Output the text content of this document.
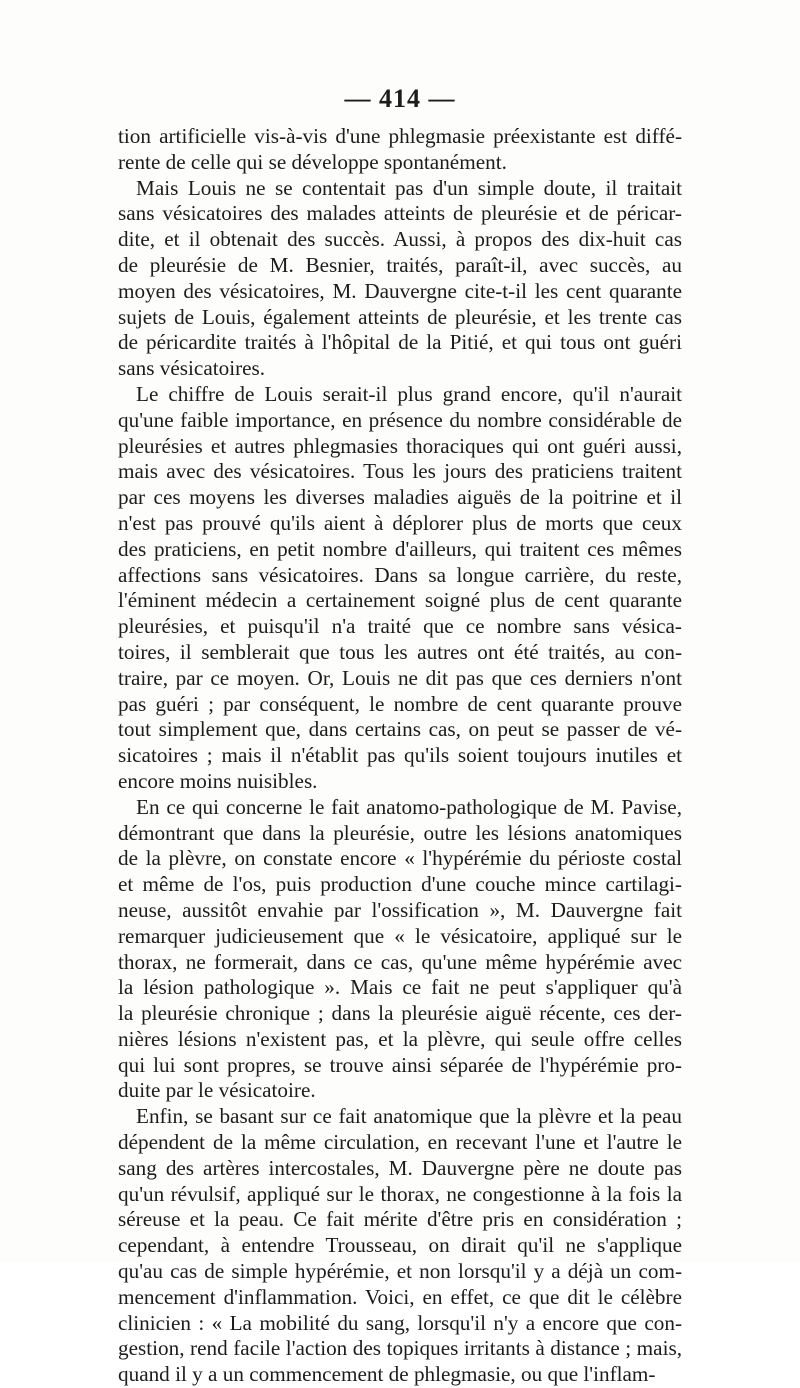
— 414 —
tion artificielle vis-à-vis d'une phlegmasie préexistante est diffé-
rente de celle qui se développe spontanément.
Mais Louis ne se contentait pas d'un simple doute, il traitait
sans vésicatoires des malades atteints de pleurésie et de péricar-
dite, et il obtenait des succès. Aussi, à propos des dix-huit cas
de pleurésie de M. Besnier, traités, paraît-il, avec succès, au
moyen des vésicatoires, M. Dauvergne cite-t-il les cent quarante
sujets de Louis, également atteints de pleurésie, et les trente cas
de péricardite traités à l'hôpital de la Pitié, et qui tous ont guéri
sans vésicatoires.
Le chiffre de Louis serait-il plus grand encore, qu'il n'aurait
qu'une faible importance, en présence du nombre considérable de
pleurésies et autres phlegmasies thoraciques qui ont guéri aussi,
mais avec des vésicatoires. Tous les jours des praticiens traitent
par ces moyens les diverses maladies aiguës de la poitrine et il
n'est pas prouvé qu'ils aient à déplorer plus de morts que ceux
des praticiens, en petit nombre d'ailleurs, qui traitent ces mêmes
affections sans vésicatoires. Dans sa longue carrière, du reste,
l'éminent médecin a certainement soigné plus de cent quarante
pleurésies, et puisqu'il n'a traité que ce nombre sans vésica-
toires, il semblerait que tous les autres ont été traités, au con-
traire, par ce moyen. Or, Louis ne dit pas que ces derniers n'ont
pas guéri ; par conséquent, le nombre de cent quarante prouve
tout simplement que, dans certains cas, on peut se passer de vé-
sicatoires ; mais il n'établit pas qu'ils soient toujours inutiles et
encore moins nuisibles.
En ce qui concerne le fait anatomo-pathologique de M. Pavise,
démontrant que dans la pleurésie, outre les lésions anatomiques
de la plèvre, on constate encore « l'hypérémie du périoste costal
et même de l'os, puis production d'une couche mince cartilagi-
neuse, aussitôt envahie par l'ossification », M. Dauvergne fait
remarquer judicieusement que « le vésicatoire, appliqué sur le
thorax, ne formerait, dans ce cas, qu'une même hypérémie avec
la lésion pathologique ». Mais ce fait ne peut s'appliquer qu'à
la pleurésie chronique ; dans la pleurésie aiguë récente, ces der-
nières lésions n'existent pas, et la plèvre, qui seule offre celles
qui lui sont propres, se trouve ainsi séparée de l'hypérémie pro-
duite par le vésicatoire.
Enfin, se basant sur ce fait anatomique que la plèvre et la peau
dépendent de la même circulation, en recevant l'une et l'autre le
sang des artères intercostales, M. Dauvergne père ne doute pas
qu'un révulsif, appliqué sur le thorax, ne congestionne à la fois la
séreuse et la peau. Ce fait mérite d'être pris en considération ;
cependant, à entendre Trousseau, on dirait qu'il ne s'applique
qu'au cas de simple hypérémie, et non lorsqu'il y a déjà un com-
mencement d'inflammation. Voici, en effet, ce que dit le célèbre
clinicien : « La mobilité du sang, lorsqu'il n'y a encore que con-
gestion, rend facile l'action des topiques irritants à distance ; mais,
quand il y a un commencement de phlegmasie, ou que l'inflam-
